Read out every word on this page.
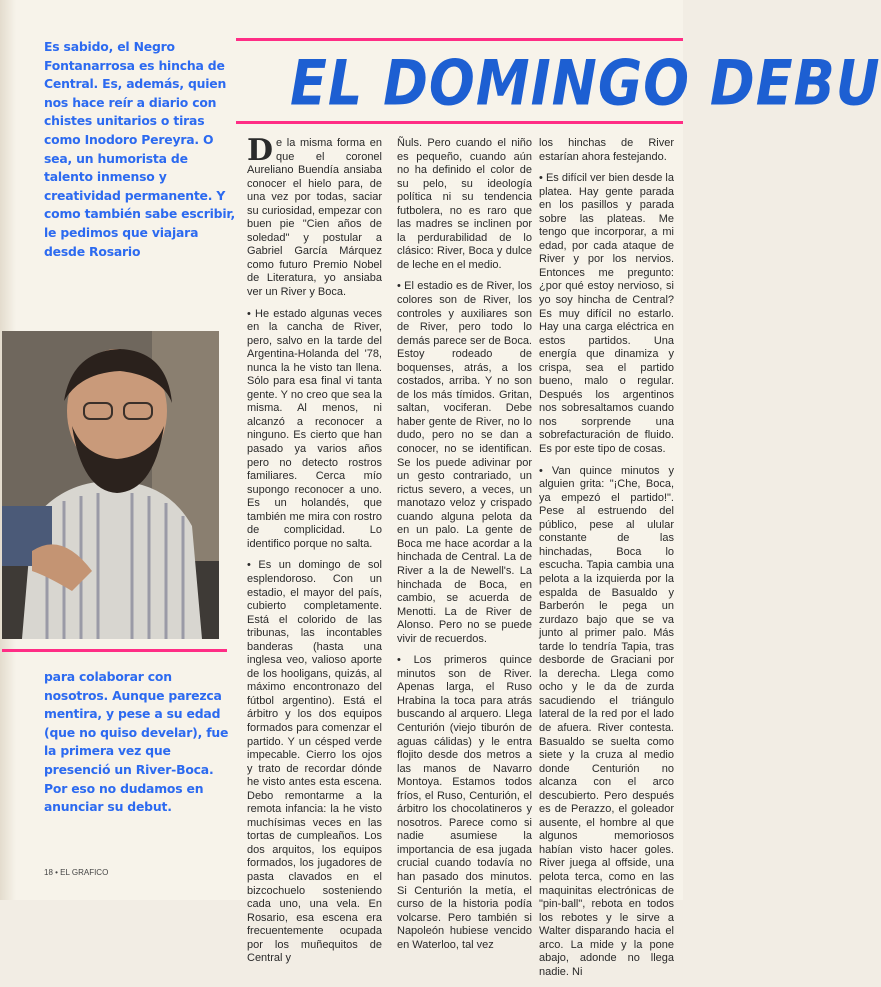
EL DOMINGO DEBU
Es sabido, el Negro Fontanarrosa es hincha de Central. Es, además, quien nos hace reír a diario con chistes unitarios o tiras como Inodoro Pereyra. O sea, un humorista de talento inmenso y creatividad permanente. Y como también sabe escribir, le pedimos que viajara desde Rosario
para colaborar con nosotros. Aunque parezca mentira, y pese a su edad (que no quiso develar), fue la primera vez que presenció un River-Boca. Por eso no dudamos en anunciar su debut.

De la misma forma en que el coronel Aureliano Buendía ansiaba conocer el hielo para, de una vez por todas, saciar su curiosidad, empezar con buen pie "Cien años de soledad" y postular a Gabriel García Márquez como futuro Premio Nobel de Literatura, yo ansiaba ver un River y Boca.

• He estado algunas veces en la cancha de River, pero, salvo en la tarde del Argentina-Holanda del '78, nunca la he visto tan llena. Sólo para esa final vi tanta gente. Y no creo que sea la misma. Al menos, ni alcanzó a reconocer a ninguno. Es cierto que han pasado ya varios años pero no detecto rostros familiares. Cerca mío supongo reconocer a uno. Es un holandés, que también me mira con rostro de complicidad. Lo identifico porque no salta.

• Es un domingo de sol esplendoroso. Con un estadio, el mayor del país, cubierto completamente. Está el colorido de las tribunas, las incontables banderas (hasta una inglesa veo, valioso aporte de los hooligans, quizás, al máximo encontronazo del fútbol argentino). Está el árbitro y los dos equipos formados para comenzar el partido. Y un césped verde impecable. Cierro los ojos y trato de recordar dónde he visto antes esta escena. Debo remontarme a la remota infancia: la he visto muchísimas veces en las tortas de cumpleaños. Los dos arquitos, los equipos formados, los jugadores de pasta clavados en el bizcochuelo sosteniendo cada uno, una vela. En Rosario, esa escena era frecuentemente ocupada por los muñequitos de Central y

Ñuls. Pero cuando el niño es pequeño, cuando aún no ha definido el color de su pelo, su ideología política ni su tendencia futbolera, no es raro que las madres se inclinen por la perdurabilidad de lo clásico: River, Boca y dulce de leche en el medio.

• El estadio es de River, los colores son de River, los controles y auxiliares son de River, pero todo lo demás parece ser de Boca. Estoy rodeado de boquenses, atrás, a los costados, arriba. Y no son de los más tímidos. Gritan, saltan, vociferan. Debe haber gente de River, no lo dudo, pero no se dan a conocer, no se identifican. Se los puede adivinar por un gesto contrariado, un rictus severo, a veces, un manotazo veloz y crispado cuando alguna pelota da en un palo. La gente de Boca me hace acordar a la hinchada de Central. La de River a la de Newell's. La hinchada de Boca, en cambio, se acuerda de Menotti. La de River de Alonso. Pero no se puede vivir de recuerdos.

• Los primeros quince minutos son de River. Apenas larga, el Ruso Hrabina la toca para atrás buscando al arquero. Llega Centurión (viejo tiburón de aguas cálidas) y le entra flojito desde dos metros a las manos de Navarro Montoya. Estamos todos fríos, el Ruso, Centurión, el árbitro los chocolatineros y nosotros. Parece como si nadie asumiese la importancia de esa jugada crucial cuando todavía no han pasado dos minutos. Si Centurión la metía, el curso de la historia podía volcarse. Pero también si Napoleón hubiese vencido en Waterloo, tal vez

los hinchas de River estarían ahora festejando.

• Es difícil ver bien desde la platea. Hay gente parada en los pasillos y parada sobre las plateas. Me tengo que incorporar, a mi edad, por cada ataque de River y por los nervios. Entonces me pregunto: ¿por qué estoy nervioso, si yo soy hincha de Central? Es muy difícil no estarlo. Hay una carga eléctrica en estos partidos. Una energía que dinamiza y crispa, sea el partido bueno, malo o regular. Después los argentinos nos sobresaltamos cuando nos sorprende una sobrefacturación de fluido. Es por este tipo de cosas.

• Van quince minutos y alguien grita: "¡Che, Boca, ya empezó el partido!". Pese al estruendo del público, pese al ulular constante de las hinchadas, Boca lo escucha. Tapia cambia una pelota a la izquierda por la espalda de Basualdo y Barberón le pega un zurdazo bajo que se va junto al primer palo. Más tarde lo tendría Tapia, tras desborde de Graciani por la derecha. Llega como ocho y le da de zurda sacudiendo el triángulo lateral de la red por el lado de afuera. River contesta. Basualdo se suelta como siete y la cruza al medio donde Centurión no alcanza con el arco descubierto. Pero después es de Perazzo, el goleador ausente, el hombre al que algunos memoriosos habían visto hacer goles. River juega al offside, una pelota terca, como en las maquinitas electrónicas de "pin-ball", rebota en todos los rebotes y le sirve a Walter disparando hacia el arco. La mide y la pone abajo, adonde no llega nadie. Ni

18 • EL GRAFICO
